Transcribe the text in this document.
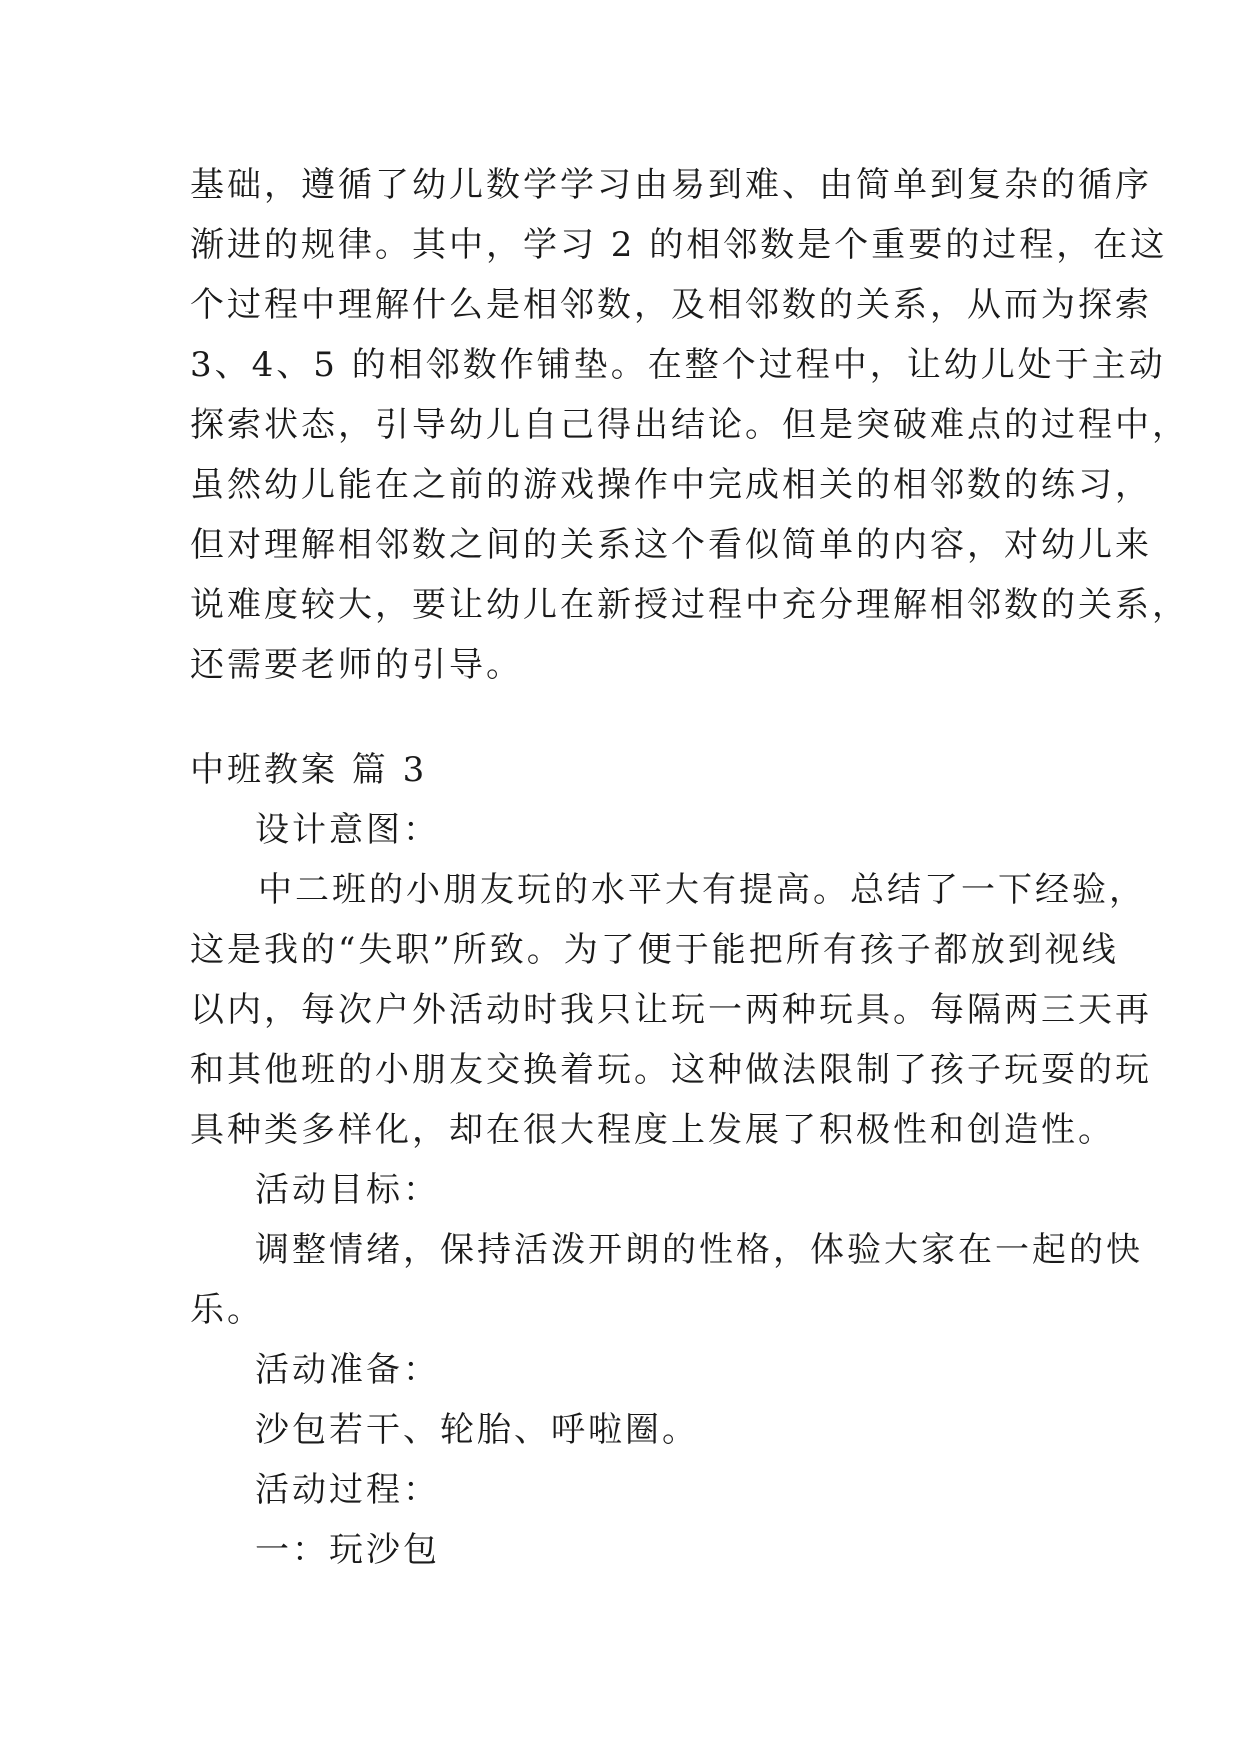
基础，遵循了幼儿数学学习由易到难、由简单到复杂的循序
渐进的规律。其中，学习 2 的相邻数是个重要的过程，在这
个过程中理解什么是相邻数，及相邻数的关系，从而为探索
3、4、5 的相邻数作铺垫。在整个过程中，让幼儿处于主动
探索状态，引导幼儿自己得出结论。但是突破难点的过程中，
虽然幼儿能在之前的游戏操作中完成相关的相邻数的练习，
但对理解相邻数之间的关系这个看似简单的内容，对幼儿来
说难度较大，要让幼儿在新授过程中充分理解相邻数的关系，
还需要老师的引导。
中班教案 篇 3
设计意图：
中二班的小朋友玩的水平大有提高。总结了一下经验，
这是我的“失职”所致。为了便于能把所有孩子都放到视线
以内，每次户外活动时我只让玩一两种玩具。每隔两三天再
和其他班的小朋友交换着玩。这种做法限制了孩子玩耍的玩
具种类多样化，却在很大程度上发展了积极性和创造性。
活动目标：
调整情绪，保持活泼开朗的性格，体验大家在一起的快
乐。
活动准备：
沙包若干、轮胎、呼啦圈。
活动过程：
一：玩沙包
